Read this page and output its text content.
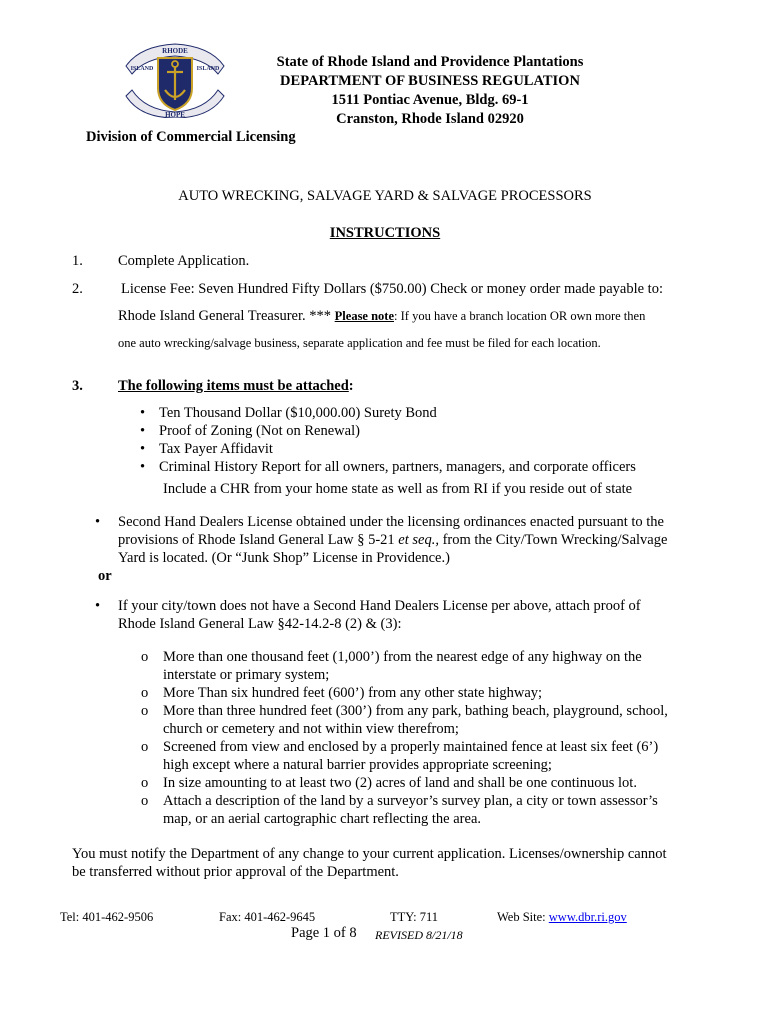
RHODE
ISLAND	ISLAND
HOPE
State of Rhode Island and Providence Plantations
DEPARTMENT OF BUSINESS REGULATION
1511 Pontiac Avenue, Bldg. 69-1
Cranston, Rhode Island 02920
Division of Commercial Licensing
AUTO WRECKING, SALVAGE YARD & SALVAGE PROCESSORS
INSTRUCTIONS
1. Complete Application.
2.	License Fee: Seven Hundred Fifty Dollars ($750.00) Check or money order made payable to:
Rhode Island General Treasurer. *** Please note: If you have a branch location OR own more then
one auto wrecking/salvage business, separate application and fee must be filed for each location.
3. The following items must be attached:
• Ten Thousand Dollar ($10,000.00) Surety Bond
• Proof of Zoning (Not on Renewal)
• Tax Payer Affidavit
• Criminal History Report for all owners, partners, managers, and corporate officers
Include a CHR from your home state as well as from RI if you reside out of state
• Second Hand Dealers License obtained under the licensing ordinances enacted pursuant to the
provisions of Rhode Island General Law § 5-21 et seq., from the City/Town Wrecking/Salvage
Yard is located. (Or “Junk Shop” License in Providence.)
or
• If your city/town does not have a Second Hand Dealers License per above, attach proof of
Rhode Island General Law §42-14.2-8 (2) & (3):
o More than one thousand feet (1,000’) from the nearest edge of any highway on the
interstate or primary system;
o More Than six hundred feet (600’) from any other state highway;
o More than three hundred feet (300’) from any park, bathing beach, playground, school,
church or cemetery and not within view therefrom;
o Screened from view and enclosed by a properly maintained fence at least six feet (6’)
high except where a natural barrier provides appropriate screening;
o In size amounting to at least two (2) acres of land and shall be one continuous lot.
o Attach a description of the land by a surveyor’s survey plan, a city or town assessor’s
map, or an aerial cartographic chart reflecting the area.
You must notify the Department of any change to your current application. Licenses/ownership cannot
be transferred without prior approval of the Department.
Tel: 401-462-9506	Fax: 401-462-9645	TTY: 711	Web Site: www.dbr.ri.gov
Page 1 of 8 REVISED 8/21/18
